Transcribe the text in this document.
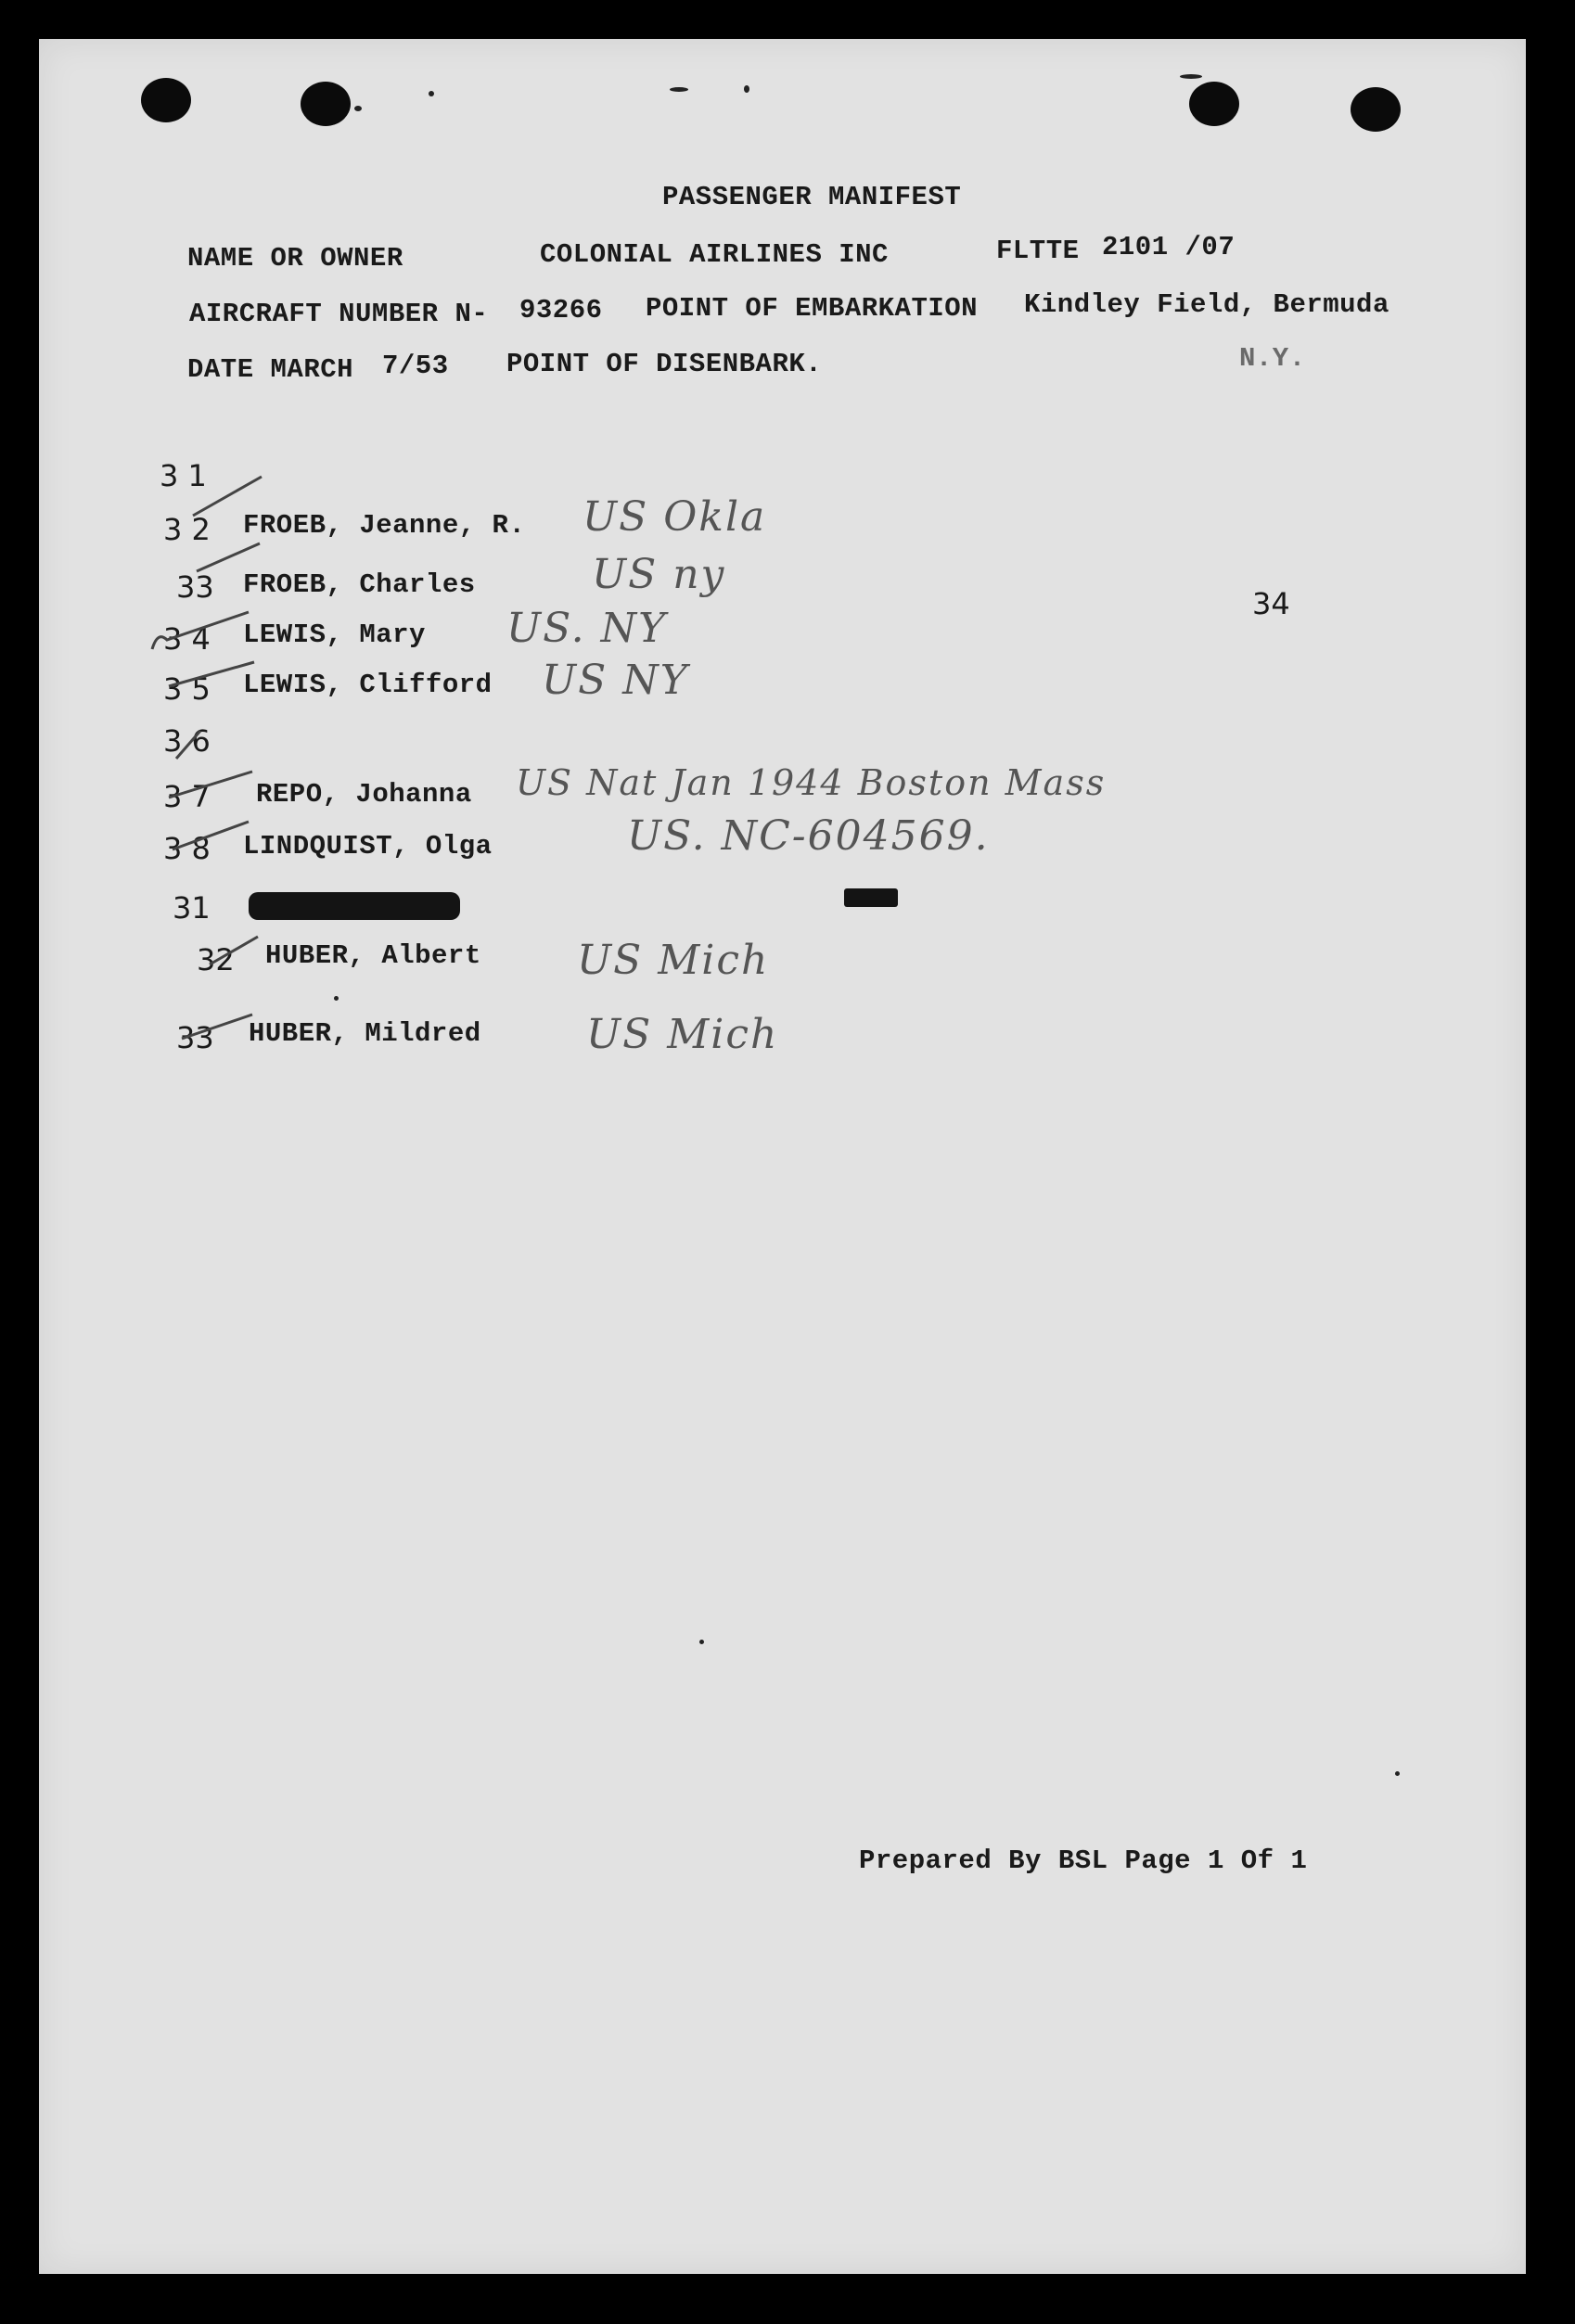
PASSENGER MANIFEST
NAME OR OWNER	COLONIAL AIRLINES INC	FLTTE 2101 /07
AIRCRAFT NUMBER N- 93266 POINT OF EMBARKATION Kindley Field, Bermuda
DATE MARCH 7/53 POINT OF DISENBARK.	N.Y.
34
3 1
3 2 FROEB, Jeanne, R. US Okla
33 FROEB, Charles	US ny
3 4 LEWIS, Mary US. NY
3 5 LEWIS, Clifford US NY
3 6
3 7 REPO, Johanna US Nat Jan 1944 Boston Mass
3 8 LINDQUIST, Olga	US. NC-604569.
31
32 HUBER, Albert US Mich
33 HUBER, Mildred	US Mich
Prepared By BSL Page 1 Of 1
